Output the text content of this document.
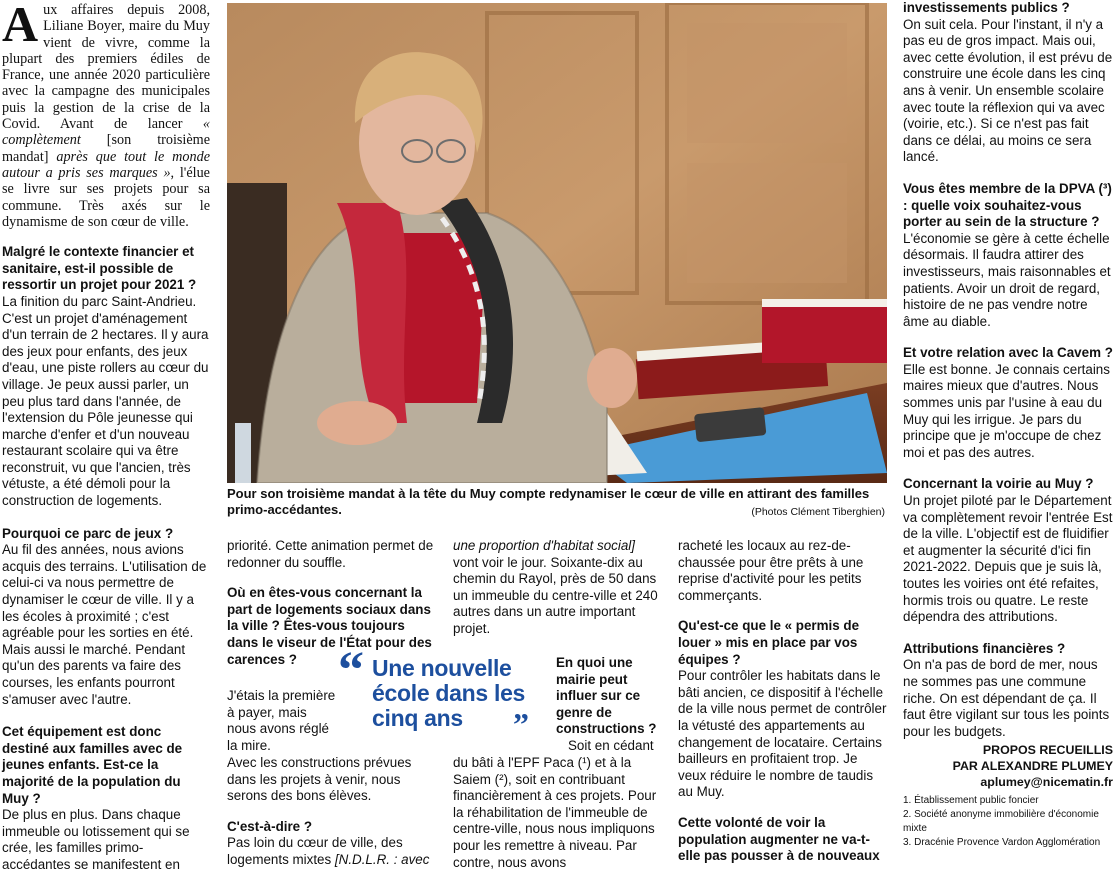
Aux affaires depuis 2008, Liliane Boyer, maire du Muy vient de vivre, comme la plupart des premiers édiles de France, une année 2020 particulière avec la campagne des municipales puis la gestion de la crise de la Covid. Avant de lancer « complètement [son troisième mandat] après que tout le monde autour a pris ses marques », l'élue se livre sur ses projets pour sa commune. Très axés sur le dynamisme de son cœur de ville.

Malgré le contexte financier et sanitaire, est-il possible de ressortir un projet pour 2021 ?

La finition du parc Saint-Andrieu. C'est un projet d'aménagement d'un terrain de 2 hectares. Il y aura des jeux pour enfants, des jeux d'eau, une piste rollers au cœur du village. Je peux aussi parler, un peu plus tard dans l'année, de l'extension du Pôle jeunesse qui marche d'enfer et d'un nouveau restaurant scolaire qui va être reconstruit, vu que l'ancien, très vétuste, a été démoli pour la construction de logements.

Pourquoi ce parc de jeux ?

Au fil des années, nous avions acquis des terrains. L'utilisation de celui-ci va nous permettre de dynamiser le cœur de ville. Il y a les écoles à proximité ; c'est agréable pour les sorties en été. Mais aussi le marché. Pendant qu'un des parents va faire des courses, les enfants pourront s'amuser avec l'autre.

Cet équipement est donc destiné aux familles avec de jeunes enfants. Est-ce la majorité de la population du Muy ?

De plus en plus. Dans chaque immeuble ou lotissement qui se crée, les familles primo-accédantes se manifestent en

Pour son troisième mandat à la tête du Muy compte redynamiser le cœur de ville en attirant des familles primo-accédantes.	(Photos Clément Tiberghien)

priorité. Cette animation permet de redonner du souffle.

Où en êtes-vous concernant la part de logements sociaux dans la ville ? Êtes-vous toujours dans le viseur de l'État pour des carences ?

J'étais la première à payer, mais nous avons réglé la mire.

Avec les constructions prévues dans les projets à venir, nous serons des bons élèves.

C'est-à-dire ?

Pas loin du cœur de ville, des logements mixtes [N.D.L.R. : avec

une proportion d'habitat social] vont voir le jour. Soixante-dix au chemin du Rayol, près de 50 dans un immeuble du centre-ville et 240 autres dans un autre important projet.

En quoi une mairie peut influer sur ce genre de constructions ?
Soit en cédant

du bâti à l'EPF Paca (¹) et à la Saiem (²), soit en contribuant financièrement à ces projets. Pour la réhabilitation de l'immeuble de centre-ville, nous nous impliquons pour les remettre à niveau. Par contre, nous avons

“ Une nouvelle école dans les cinq ans	”

racheté les locaux au rez-de-chaussée pour être prêts à une reprise d'activité pour les petits commerçants.

Qu'est-ce que le « permis de louer » mis en place par vos équipes ?

Pour contrôler les habitats dans le bâti ancien, ce dispositif à l'échelle de la ville nous permet de contrôler la vétusté des appartements au changement de locataire. Certains bailleurs en profitaient trop. Je veux réduire le nombre de taudis au Muy.

Cette volonté de voir la population augmenter ne va-t-elle pas pousser à de nouveaux

investissements publics ?

On suit cela. Pour l'instant, il n'y a pas eu de gros impact. Mais oui, avec cette évolution, il est prévu de construire une école dans les cinq ans à venir. Un ensemble scolaire avec toute la réflexion qui va avec (voirie, etc.). Si ce n'est pas fait dans ce délai, au moins ce sera lancé.

Vous êtes membre de la DPVA (³) : quelle voix souhaitez-vous porter au sein de la structure ?

L'économie se gère à cette échelle désormais. Il faudra attirer des investisseurs, mais raisonnables et patients. Avoir un droit de regard, histoire de ne pas vendre notre âme au diable.

Et votre relation avec la Cavem ?

Elle est bonne. Je connais certains maires mieux que d'autres. Nous sommes unis par l'usine à eau du Muy qui les irrigue. Je pars du principe que je m'occupe de chez moi et pas des autres.

Concernant la voirie au Muy ?

Un projet piloté par le Département va complètement revoir l'entrée Est de la ville. L'objectif est de fluidifier et augmenter la sécurité d'ici fin 2021-2022. Depuis que je suis là, toutes les voiries ont été refaites, hormis trois ou quatre. Le reste dépendra des attributions.

Attributions financières ?

On n'a pas de bord de mer, nous ne sommes pas une commune riche. On est dépendant de ça. Il faut être vigilant sur tous les points pour les budgets.

PROPOS RECUEILLIS
PAR ALEXANDRE PLUMEY
aplumey@nicematin.fr
1. Établissement public foncier
2. Société anonyme immobilière d'économie mixte
3. Dracénie Provence Vardon Agglomération
